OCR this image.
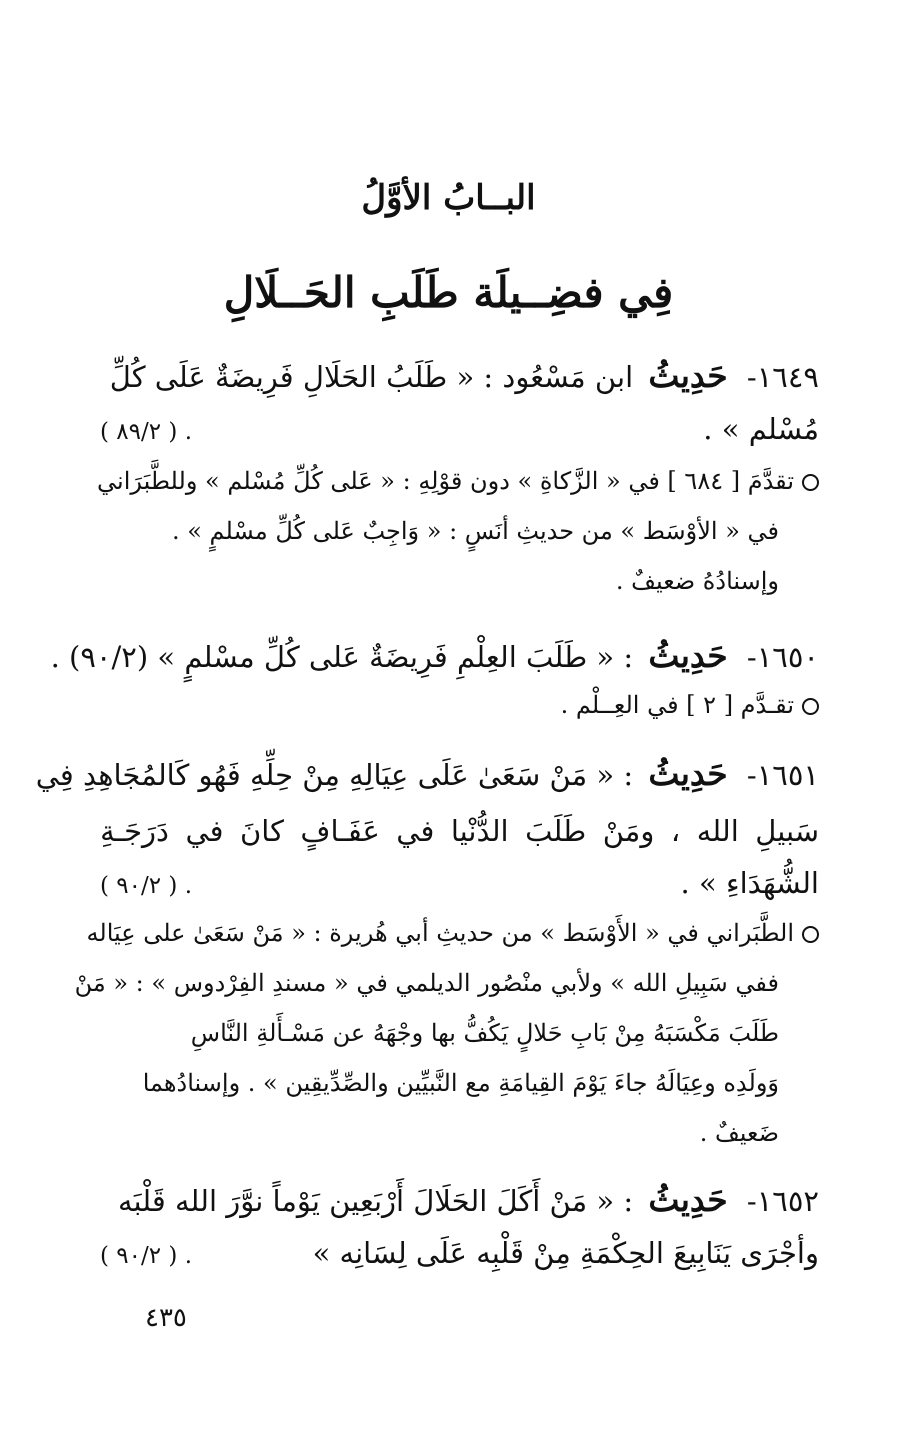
البــابُ الأوَّلُ
فِي فضِــيلَة طَلَبِ الحَــلَالِ
١٦٤٩- حَدِيثُ ابن مَسْعُود : « طَلَبُ الحَلَالِ فَرِيضَةٌ عَلَى كُلِّ
مُسْلم » .
. ( ٨٩/٢ )
تقدَّمَ [ ٦٨٤ ] في « الزَّكاةِ » دون قوْلِهِ : « عَلى كُلِّ مُسْلم » وللطَّبَرَاني
في « الأوْسَط » من حديثِ أنَسٍ : « وَاجِبٌ عَلى كُلِّ مسْلمٍ » .
وإسنادُهُ ضعيفٌ .
١٦٥٠- حَدِيثُ : « طَلَبَ العِلْمِ فَرِيضَةٌ عَلى كُلِّ مسْلمٍ » (٩٠/٢) .
تقـدَّم [ ٢ ] في العِــلْم .
١٦٥١- حَدِيثُ : « مَنْ سَعَىٰ عَلَى عِيَالِهِ مِنْ حِلِّهِ فَهُو كَالمُجَاهِدِ فِي
سَبيلِ
الله
،
ومَنْ
طَلَبَ
الدُّنْيا
في
عَفَـافٍ
كانَ
في
دَرَجَـةِ
الشُّهَدَاءِ » .
. ( ٩٠/٢ )
الطَّبَراني في « الأَوْسَط » من حديثِ أبي هُريرة : « مَنْ سَعَىٰ على عِيَاله
ففي سَبِيلِ الله » ولأبي منْصُور الديلمي في « مسندِ الفِرْدوس » : « مَنْ
طَلَبَ مَكْسَبَهُ مِنْ بَابِ حَلالٍ يَكُفُّ بها وجْهَهُ عن مَسْـأَلةِ النَّاسِ
وَولَدِه وعِيَالَهُ جاءَ يَوْمَ القِيامَةِ مع النَّبيِّين والصِّدِّيقِين » . وإسنادُهما
ضَعيفٌ .
١٦٥٢- حَدِيثُ : « مَنْ أَكَلَ الحَلَالَ أَرْبَعِين يَوْماً نوَّرَ الله قَلْبَه
وأجْرَى يَنَابِيعَ الحِكْمَةِ مِنْ قَلْبِه عَلَى لِسَانِه »
. ( ٩٠/٢ )
٤٣٥
